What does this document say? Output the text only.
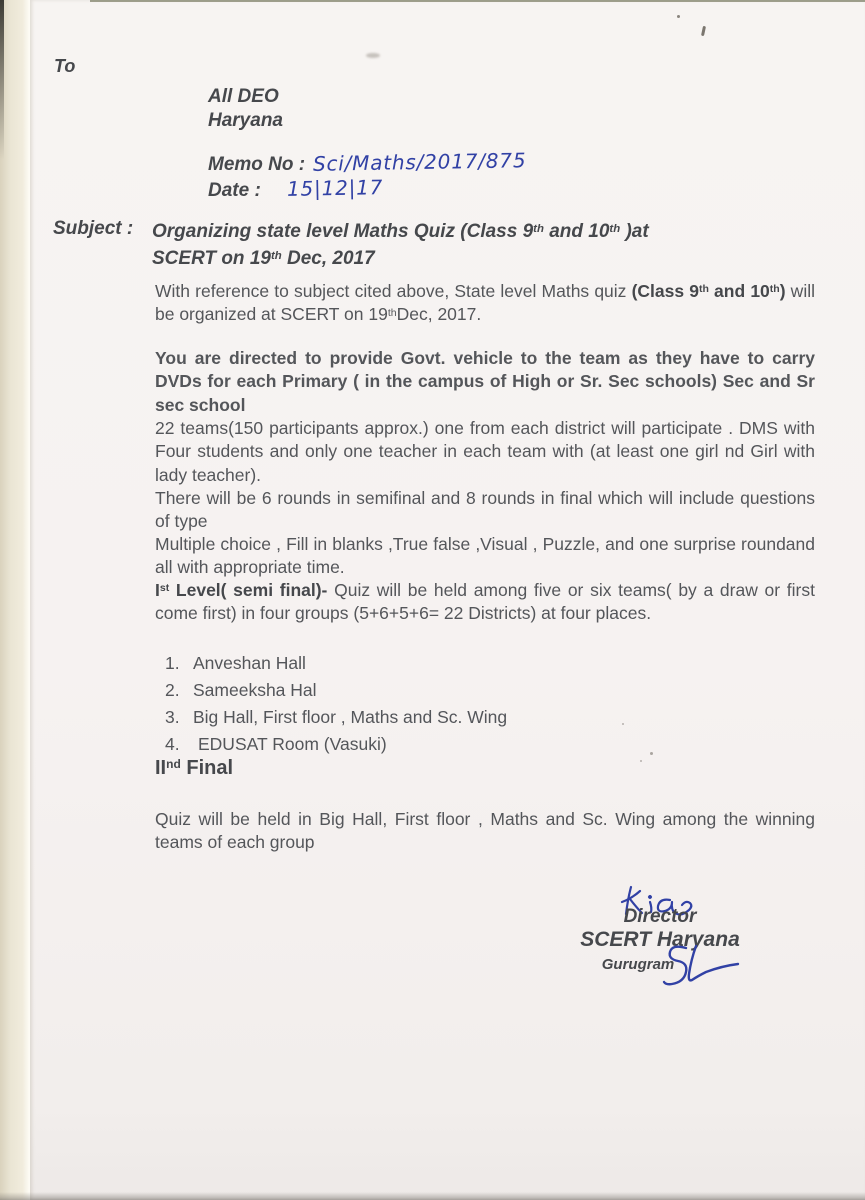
To
All DEO
Haryana
Memo No : Sci/Maths/2017/875
Date : 15|12|17
Subject : Organizing state level Maths Quiz (Class 9th and 10th )at
SCERT on 19th Dec, 2017
With reference to subject cited above, State level Maths quiz (Class 9th and 10th) will be organized at SCERT on 19thDec, 2017.
You are directed to provide Govt. vehicle to the team as they have to carry DVDs for each Primary ( in the campus of High or Sr. Sec schools) Sec and Sr sec school
22 teams(150 participants approx.) one from each district will participate . DMS with Four students and only one teacher in each team with (at least one girl nd Girl with lady teacher).
There will be 6 rounds in semifinal and 8 rounds in final which will include questions of type
Multiple choice , Fill in blanks ,True false ,Visual , Puzzle, and one surprise roundand all with appropriate time.
Ist Level( semi final)- Quiz will be held among five or six teams( by a draw or first come first) in four groups (5+6+5+6= 22 Districts) at four places.
1. Anveshan Hall
2. Sameeksha Hal
3. Big Hall, First floor , Maths and Sc. Wing
4.	EDUSAT Room (Vasuki)
IInd Final
Quiz will be held in Big Hall, First floor , Maths and Sc. Wing among the winning teams of each group
Director
SCERT Haryana
Gurugram
